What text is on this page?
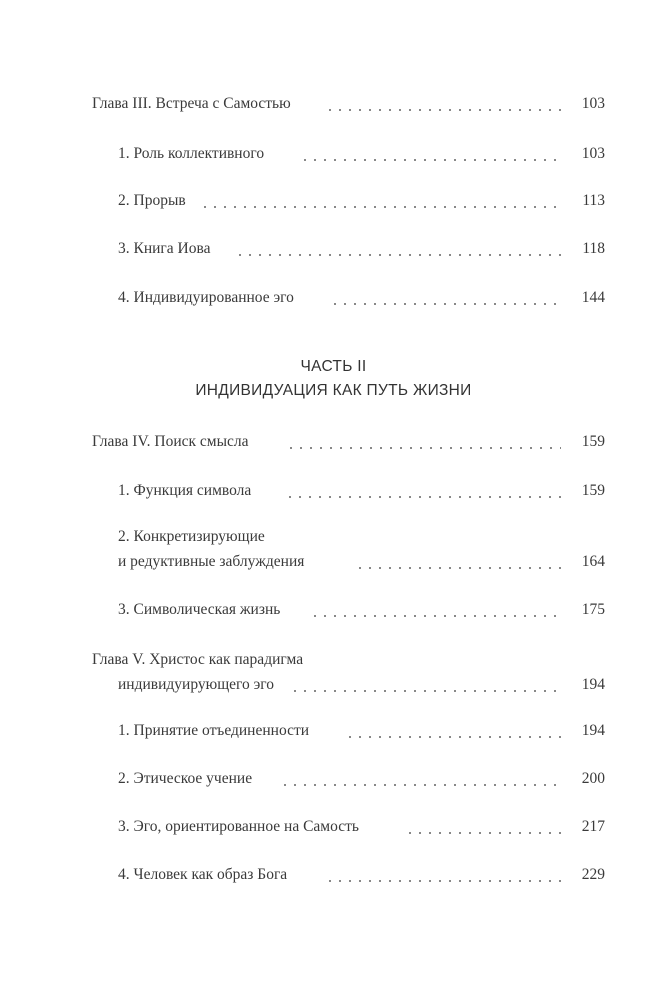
Глава III. Встреча с Самостью	103
1. Роль коллективного	103
2. Прорыв	113
3. Книга Иова	118
4. Индивидуированное эго	144
ЧАСТЬ II
ИНДИВИДУАЦИЯ КАК ПУТЬ ЖИЗНИ
Глава IV. Поиск смысла	159
1. Функция символа	159
2. Конкретизирующие
и редуктивные заблуждения	164
3. Символическая жизнь	175
Глава V. Христос как парадигма
индивидуирующего эго	194
1. Принятие отъединенности	194
2. Этическое учение	200
3. Эго, ориентированное на Самость	217
4. Человек как образ Бога	229
